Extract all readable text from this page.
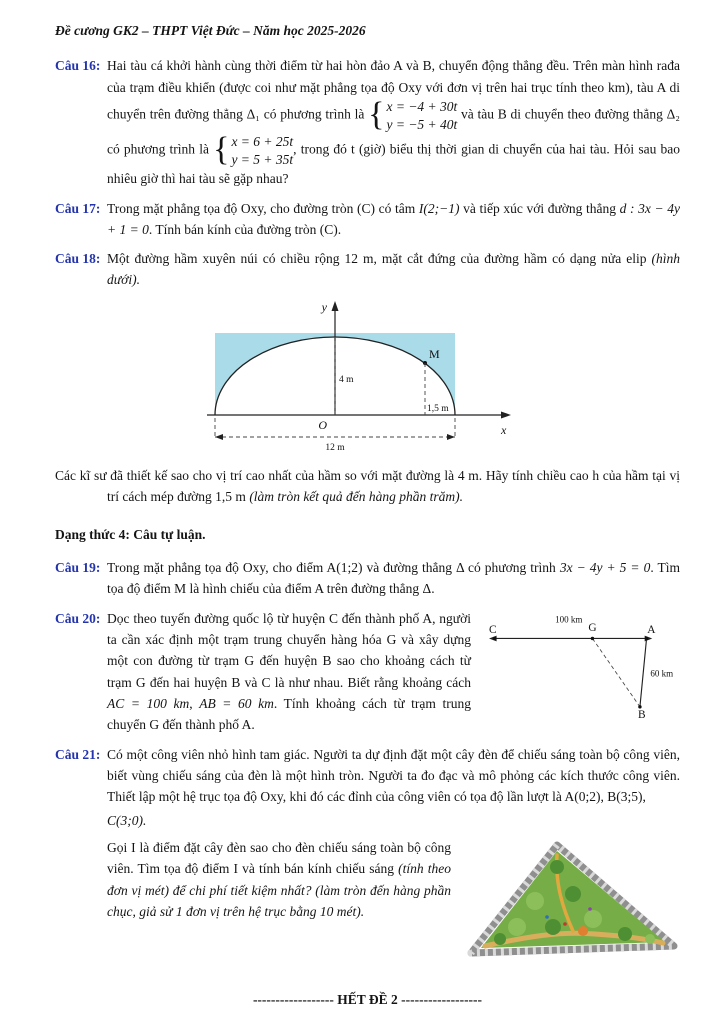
Đề cương GK2 – THPT Việt Đức – Năm học 2025-2026
Câu 16: Hai tàu cá khởi hành cùng thời điểm từ hai hòn đảo A và B, chuyển động thẳng đều. Trên màn hình rađa của trạm điều khiển (được coi như mặt phẳng tọa độ Oxy với đơn vị trên hai trục tính theo km), tàu A di chuyển trên đường thẳng Δ₁ có phương trình là { x = −4 + 30t
y = −5 + 40t
và tàu B di chuyển theo đường thẳng Δ₂ có phương trình là { x = 6 + 25t
y = 5 + 35t
, trong đó t (giờ) biểu thị thời gian di chuyển của hai tàu. Hỏi sau bao nhiêu giờ thì hai tàu sẽ gặp nhau?
Câu 17: Trong mặt phẳng tọa độ Oxy, cho đường tròn (C) có tâm I(2;−1) và tiếp xúc với đường thẳng d : 3x − 4y + 1 = 0. Tính bán kính của đường tròn (C).
Câu 18: Một đường hầm xuyên núi có chiều rộng 12 m, mặt cắt đứng của đường hầm có dạng nửa elip (hình dưới).
y
x
O
M
4 m
1,5 m
12 m
Các kĩ sư đã thiết kế sao cho vị trí cao nhất của hầm so với mặt đường là 4 m. Hãy tính chiều cao h của hầm tại vị trí cách mép đường 1,5 m (làm tròn kết quả đến hàng phần trăm).
Dạng thức 4: Câu tự luận.
Câu 19: Trong mặt phẳng tọa độ Oxy, cho điểm A(1;2) và đường thẳng Δ có phương trình 3x − 4y + 5 = 0. Tìm tọa độ điểm M là hình chiếu của điểm A trên đường thẳng Δ.
Câu 20:
C	G	A
B
100 km
60 km
Dọc theo tuyến đường quốc lộ từ huyện C đến thành phố A, người ta cần xác định một trạm trung chuyển hàng hóa G và xây dựng một con đường từ trạm G đến huyện B sao cho khoảng cách từ trạm G đến hai huyện B và C là như nhau. Biết rằng khoảng cách AC = 100 km, AB = 60 km. Tính khoảng cách từ trạm trung chuyển G đến thành phố A.
Câu 21: Có một công viên nhỏ hình tam giác. Người ta dự định đặt một cây đèn để chiếu sáng toàn bộ công viên, biết vùng chiếu sáng của đèn là một hình tròn. Người ta đo đạc và mô phỏng các kích thước công viên. Thiết lập một hệ trục tọa độ Oxy, khi đó các đỉnh của công viên có tọa độ lần lượt là A(0;2), B(3;5),
C(3;0).
Gọi I là điểm đặt cây đèn sao cho đèn chiếu sáng toàn bộ công viên. Tìm tọa độ điểm I và tính bán kính chiếu sáng (tính theo đơn vị mét) để chi phí tiết kiệm nhất? (làm tròn đến hàng phần chục, giả sử 1 đơn vị trên hệ trục bằng 10 mét).
------------------ HẾT ĐỀ 2 ------------------
